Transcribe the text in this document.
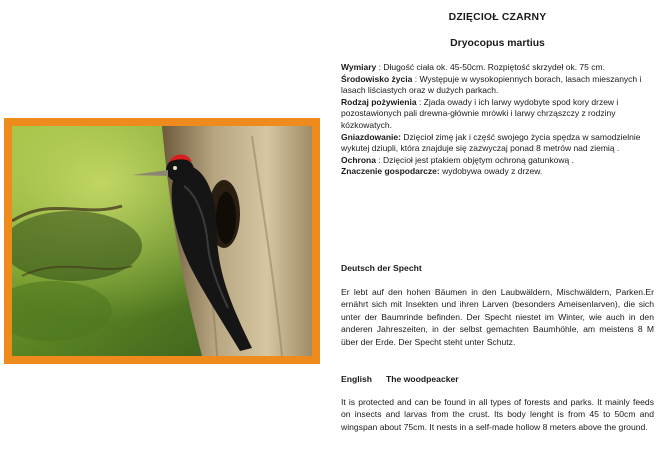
DZIĘCIOŁ CZARNY
Dryocopus martius

Wymiary : Długość ciała ok. 45-50cm. Rozpiętość skrzydeł ok. 75 cm.

Środowisko życia : Występuje w wysokopiennych borach, lasach mieszanych i lasach liściastych oraz w dużych parkach.

Rodzaj pożywienia : Zjada owady i ich larwy wydobyte spod kory drzew i pozostawionych pali drewna-głównie mrówki i larwy chrząszczy z rodziny kózkowatych.

Gniazdowanie: Dzięcioł zimę jak i część swojego życia spędza w samodzielnie wykutej dziupli, która znajduje się zazwyczaj ponad 8 metrów nad ziemią .

Ochrona : Dzięcioł jest ptakiem objętym ochroną gatunkową .

Znaczenie gospodarcze: wydobywa owady z drzew.

Deutsch der Specht
Er lebt auf den hohen Bäumen in den Laubwäldern, Mischwäldern, Parken.Er ernährt sich mit Insekten und ihren Larven (besonders Ameisenlarven), die sich unter der Baumrinde befinden. Der Specht niestet im Winter, wie auch in den anderen Jahreszeiten, in der selbst gemachten Baumhöhle, am meistens 8 M über der Erde. Der Specht steht unter Schutz.
English The woodpeacker
It is protected and can be found in all types of forests and parks. It mainly feeds on insects and larvas from the crust. Its body lenght is from 45 to 50cm and wingspan about 75cm. It nests in a self-made hollow 8 meters above the ground.
